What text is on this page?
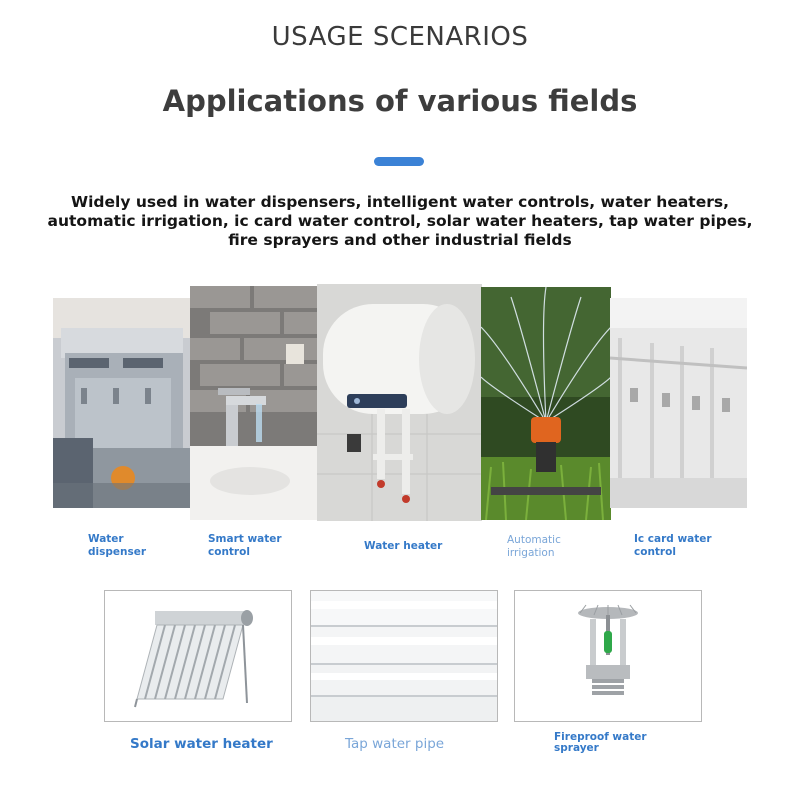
USAGE SCENARIOS
Applications of various fields
Widely used in water dispensers, intelligent water controls, water heaters,
automatic irrigation, ic card water control, solar water heaters, tap water pipes,
fire sprayers and other industrial fields
Water
dispenser
Smart water
control	Water heater	Automatic
irrigation
Ic card water
control
Solar water heater	Tap water pipe	Fireproof water
sprayer
